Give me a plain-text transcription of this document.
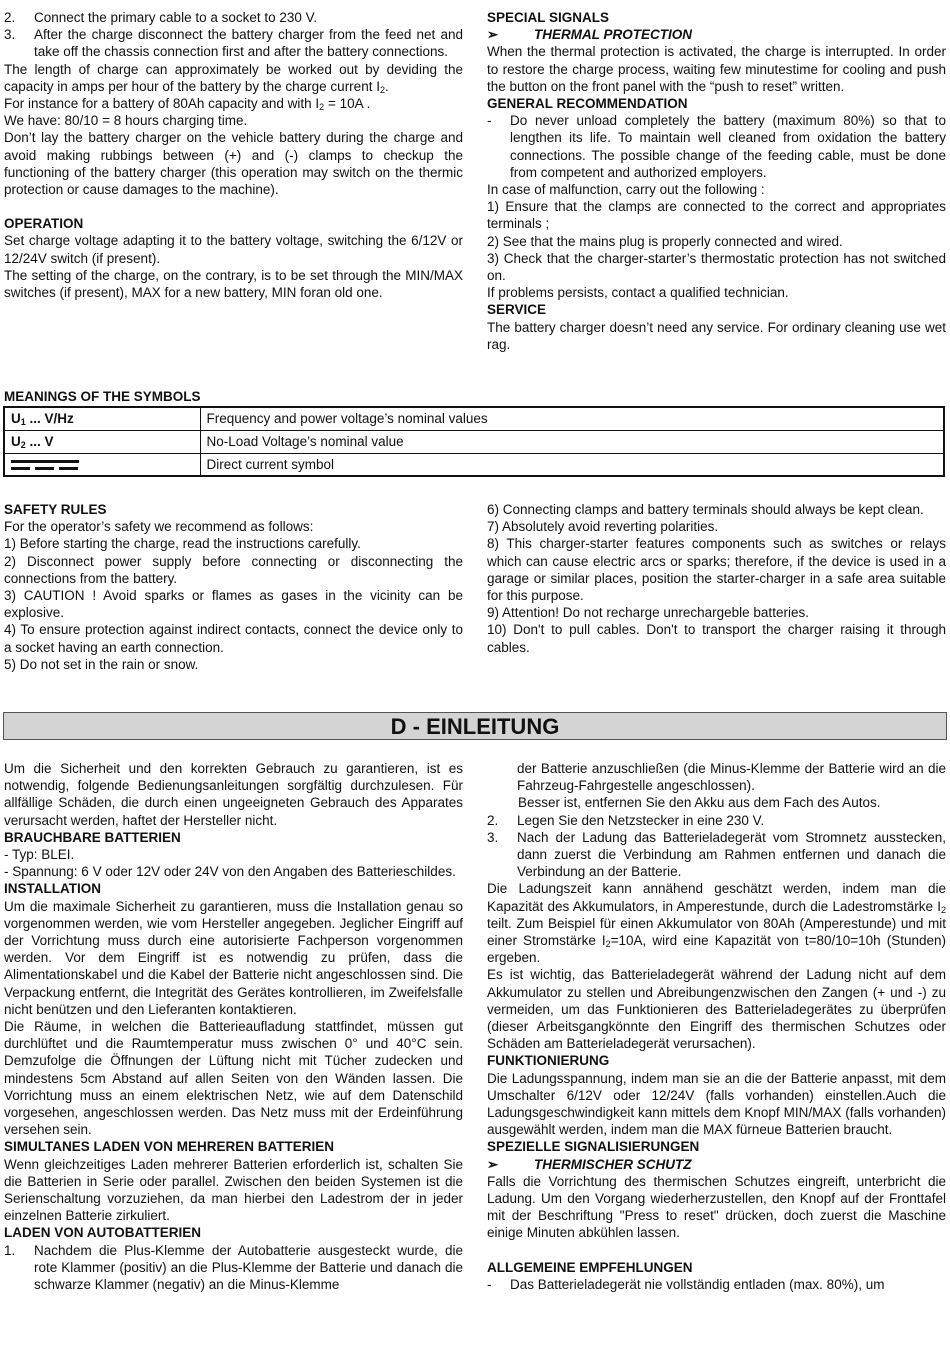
2.	Connect the primary cable to a socket to 230 V.
3.	After the charge disconnect the battery charger from the feed net and take off the chassis connection first and after the battery connections.
The length of charge can approximately be worked out by deviding the capacity in amps per hour of the battery by the charge current $I_2$.
For instance for a battery of 80Ah capacity and with $I_2 = 10A$ .
We have: 80/10 = 8 hours charging time.
Don’t lay the battery charger on the vehicle battery during the charge and avoid making rubbings between (+) and (-) clamps to checkup the functioning of the battery charger (this operation may switch on the thermic protection or cause damages to the machine).
OPERATION
Set charge voltage adapting it to the battery voltage, switching the 6/12V or 12/24V switch (if present).
The setting of the charge, on the contrary, is to be set through the MIN/MAX switches (if present), MAX for a new battery, MIN foran old one.
SPECIAL SIGNALS
➢	THERMAL PROTECTION
When the thermal protection is activated, the charge is interrupted. In order to restore the charge process, waiting few minutestime for cooling and push the button on the front panel with the “push to reset” written.
GENERAL RECOMMENDATION
-	Do never unload completely the battery (maximum 80%) so that to lengthen its life. To maintain well cleaned from oxidation the battery connections. The possible change of the feeding cable, must be done from competent and authorized employers.
In case of malfunction, carry out the following :
1) Ensure that the clamps are connected to the correct and appropriates terminals ;
2) See that the mains plug is properly connected and wired.
3) Check that the charger-starter’s thermostatic protection has not switched on.
If problems persists, contact a qualified technician.
SERVICE
The battery charger doesn’t need any service. For ordinary cleaning use wet rag.
MEANINGS OF THE SYMBOLS
$U_1$ ... V/Hz	Frequency and power voltage’s nominal values
$U_2$ ... V	No-Load Voltage’s nominal value

	Direct current symbol
SAFETY RULES
For the operator’s safety we recommend as follows:
1) Before starting the charge, read the instructions carefully.
2) Disconnect power supply before connecting or disconnecting the connections from the battery.
3) CAUTION ! Avoid sparks or flames as gases in the vicinity can be explosive.
4) To ensure protection against indirect contacts, connect the device only to a socket having an earth connection.
5) Do not set in the rain or snow.
6) Connecting clamps and battery terminals should always be kept clean.
7) Absolutely avoid reverting polarities.
8) This charger-starter features components such as switches or relays which can cause electric arcs or sparks; therefore, if the device is used in a garage or similar places, position the starter-charger in a safe area suitable for this purpose.
9) Attention! Do not recharge unrechargeble batteries.
10) Don't to pull cables. Don't to transport the charger raising it through cables.
D - EINLEITUNG
Um die Sicherheit und den korrekten Gebrauch zu garantieren, ist es notwendig, folgende Bedienungsanleitungen sorgfältig durchzulesen. Für allfällige Schäden, die durch einen ungeeigneten Gebrauch des Apparates verursacht werden, haftet der Hersteller nicht.
BRAUCHBARE BATTERIEN
- Typ: BLEI.
- Spannung: 6 V oder 12V oder 24V von den Angaben des Batterieschildes.
INSTALLATION
Um die maximale Sicherheit zu garantieren, muss die Installation genau so vorgenommen werden, wie vom Hersteller angegeben. Jeglicher Eingriff auf der Vorrichtung muss durch eine autorisierte Fachperson vorgenommen werden. Vor dem Eingriff ist es notwendig zu prüfen, dass die Alimentationskabel und die Kabel der Batterie nicht angeschlossen sind. Die Verpackung entfernt, die Integrität des Gerätes kontrollieren, im Zweifelsfalle nicht benützen und den Lieferanten kontaktieren.
Die Räume, in welchen die Batterieaufladung stattfindet, müssen gut durchlüftet und die Raumtemperatur muss zwischen 0° und 40°C sein. Demzufolge die Öffnungen der Lüftung nicht mit Tücher zudecken und mindestens 5cm Abstand auf allen Seiten von den Wänden lassen. Die Vorrichtung muss an einem elektrischen Netz, wie auf dem Datenschild vorgesehen, angeschlossen werden. Das Netz muss mit der Erdeinführung versehen sein.
SIMULTANES LADEN VON MEHREREN BATTERIEN
Wenn gleichzeitiges Laden mehrerer Batterien erforderlich ist, schalten Sie die Batterien in Serie oder parallel. Zwischen den beiden Systemen ist die Serienschaltung vorzuziehen, da man hierbei den Ladestrom der in jeder einzelnen Batterie zirkuliert.
LADEN VON AUTOBATTERIEN
1.	Nachdem die Plus-Klemme der Autobatterie ausgesteckt wurde, die rote Klammer (positiv) an die Plus-Klemme der Batterie und danach die schwarze Klammer (negativ) an die Minus-Klemme
der Batterie anzuschließen (die Minus-Klemme der Batterie wird an die Fahrzeug-Fahrgestelle angeschlossen).
Besser ist, entfernen Sie den Akku aus dem Fach des Autos.
2.	Legen Sie den Netzstecker in eine 230 V.
3.	Nach der Ladung das Batterieladegerät vom Stromnetz ausstecken, dann zuerst die Verbindung am Rahmen entfernen und danach die Verbindung an der Batterie.
Die Ladungszeit kann annähend geschätzt werden, indem man die Kapazität des Akkumulators, in Amperestunde, durch die Ladestromstärke $I_2$ teilt. Zum Beispiel für einen Akkumulator von 80Ah (Amperestunde) und mit einer Stromstärke $I_2=10A$, wird eine Kapazität von t=80/10=10h (Stunden) ergeben.
Es ist wichtig, das Batterieladegerät während der Ladung nicht auf dem Akkumulator zu stellen und Abreibungenzwischen den Zangen (+ und -) zu vermeiden, um das Funktionieren des Batterieladegerätes zu überprüfen (dieser Arbeitsgangkönnte den Eingriff des thermischen Schutzes oder Schäden am Batterieladegerät verursachen).
FUNKTIONIERUNG
Die Ladungsspannung, indem man sie an die der Batterie anpasst, mit dem Umschalter 6/12V oder 12/24V (falls vorhanden) einstellen.Auch die Ladungsgeschwindigkeit kann mittels dem Knopf MIN/MAX (falls vorhanden) ausgewählt werden, indem man die MAX fürneue Batterien braucht.
SPEZIELLE SIGNALISIERUNGEN
➢	THERMISCHER SCHUTZ
Falls die Vorrichtung des thermischen Schutzes eingreift, unterbricht die Ladung. Um den Vorgang wiederherzustellen, den Knopf auf der Fronttafel mit der Beschriftung "Press to reset" drücken, doch zuerst die Maschine einige Minuten abkühlen lassen.
ALLGEMEINE EMPFEHLUNGEN
-	Das Batterieladegerät nie vollständig entladen (max. 80%), um
